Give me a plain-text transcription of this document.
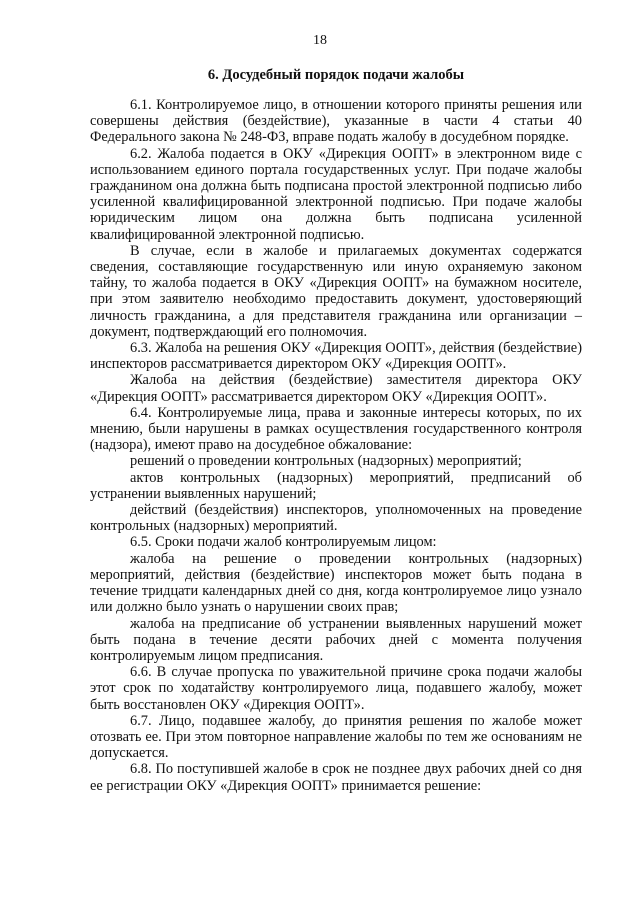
18
6. Досудебный порядок подачи жалобы

6.1. Контролируемое лицо, в отношении которого приняты решения или совершены действия (бездействие), указанные в части 4 статьи 40 Федерального закона № 248-ФЗ, вправе подать жалобу в досудебном порядке.

6.2. Жалоба подается в ОКУ «Дирекция ООПТ» в электронном виде с использованием единого портала государственных услуг. При подаче жалобы гражданином она должна быть подписана простой электронной подписью либо усиленной квалифицированной электронной подписью. При подаче жалобы юридическим лицом она должна быть подписана усиленной квалифицированной электронной подписью.

В случае, если в жалобе и прилагаемых документах содержатся сведения, составляющие государственную или иную охраняемую законом тайну, то жалоба подается в ОКУ «Дирекция ООПТ» на бумажном носителе, при этом заявителю необходимо предоставить документ, удостоверяющий личность гражданина, а для представителя гражданина или организации – документ, подтверждающий его полномочия.

6.3. Жалоба на решения ОКУ «Дирекция ООПТ», действия (бездействие) инспекторов рассматривается директором ОКУ «Дирекция ООПТ».

Жалоба на действия (бездействие) заместителя директора ОКУ «Дирекция ООПТ» рассматривается директором ОКУ «Дирекция ООПТ».

6.4. Контролируемые лица, права и законные интересы которых, по их мнению, были нарушены в рамках осуществления государственного контроля (надзора), имеют право на досудебное обжалование:

решений о проведении контрольных (надзорных) мероприятий;

актов контрольных (надзорных) мероприятий, предписаний об устранении выявленных нарушений;

действий (бездействия) инспекторов, уполномоченных на проведение контрольных (надзорных) мероприятий.

6.5. Сроки подачи жалоб контролируемым лицом:

жалоба на решение о проведении контрольных (надзорных) мероприятий, действия (бездействие) инспекторов может быть подана в течение тридцати календарных дней со дня, когда контролируемое лицо узнало или должно было узнать о нарушении своих прав;

жалоба на предписание об устранении выявленных нарушений может быть подана в течение десяти рабочих дней с момента получения контролируемым лицом предписания.

6.6. В случае пропуска по уважительной причине срока подачи жалобы этот срок по ходатайству контролируемого лица, подавшего жалобу, может быть восстановлен ОКУ «Дирекция ООПТ».

6.7. Лицо, подавшее жалобу, до принятия решения по жалобе может отозвать ее. При этом повторное направление жалобы по тем же основаниям не допускается.

6.8. По поступившей жалобе в срок не позднее двух рабочих дней со дня ее регистрации ОКУ «Дирекция ООПТ» принимается решение:
